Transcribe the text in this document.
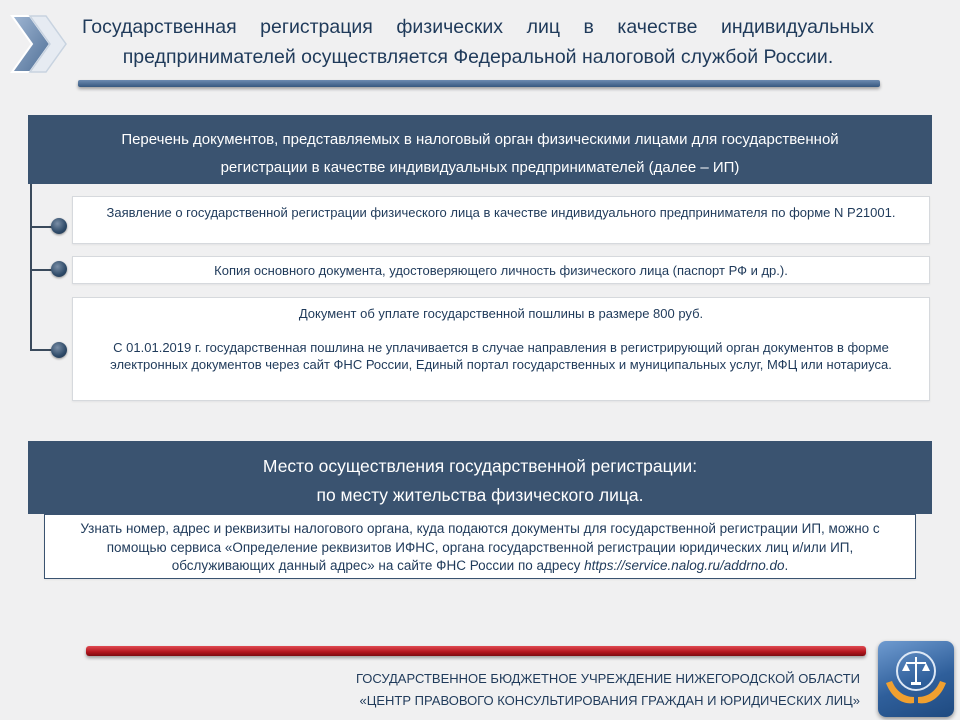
Государственная регистрация физических лиц в качестве индивидуальных
предпринимателей осуществляется Федеральной налоговой службой России.
Перечень документов, представляемых в налоговый орган физическими лицами для государственной
регистрации в качестве индивидуальных предпринимателей (далее – ИП)
Заявление о государственной регистрации физического лица в качестве индивидуального предпринимателя по форме N Р21001.
Копия основного документа, удостоверяющего личность физического лица (паспорт РФ и др.).

Документ об уплате государственной пошлины в размере 800 руб.

С 01.01.2019 г. государственная пошлина не уплачивается в случае направления в регистрирующий орган документов в форме электронных документов через сайт ФНС России, Единый портал государственных и муниципальных услуг, МФЦ или нотариуса.

Место осуществления государственной регистрации:
по месту жительства физического лица.
Узнать номер, адрес и реквизиты налогового органа, куда подаются документы для государственной регистрации ИП, можно с помощью сервиса «Определение реквизитов ИФНС, органа государственной регистрации юридических лиц и/или ИП, обслуживающих данный адрес» на сайте ФНС России по адресу https://service.nalog.ru/addrno.do.
ГОСУДАРСТВЕННОЕ БЮДЖЕТНОЕ УЧРЕЖДЕНИЕ НИЖЕГОРОДСКОЙ ОБЛАСТИ
«ЦЕНТР ПРАВОВОГО КОНСУЛЬТИРОВАНИЯ ГРАЖДАН И ЮРИДИЧЕСКИХ ЛИЦ»
